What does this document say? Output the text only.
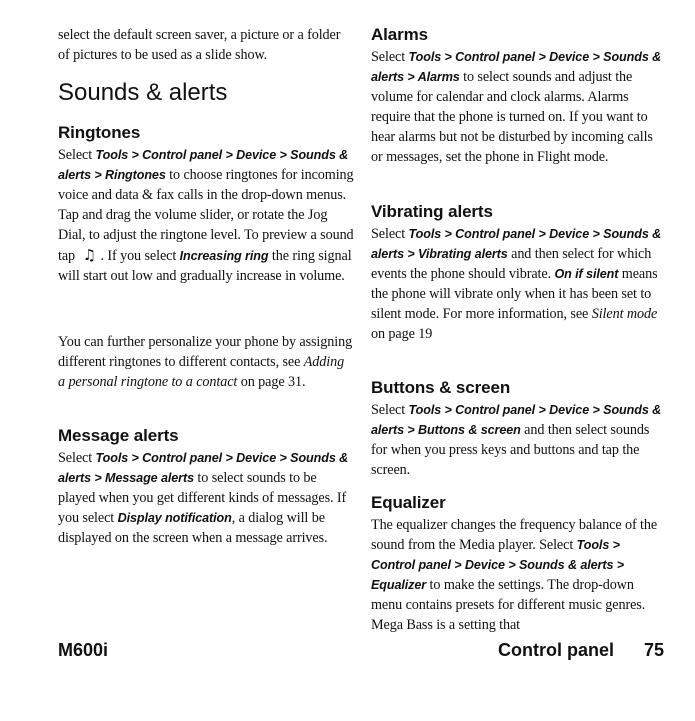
select the default screen saver, a picture or a folder of pictures to be used as a slide show.

Sounds & alerts
Ringtones

Select Tools > Control panel > Device > Sounds & alerts > Ringtones to choose ringtones for incoming voice and data & fax calls in the drop-down menus. Tap and drag the volume slider, or rotate the Jog Dial, to adjust the ringtone level. To preview a sound tap ♫ . If you select Increasing ring the ring signal will start out low and gradually increase in volume.

You can further personalize your phone by assigning different ringtones to different contacts, see Adding a personal ringtone to a contact on page 31.

Message alerts

Select Tools > Control panel > Device > Sounds & alerts > Message alerts to select sounds to be played when you get different kinds of messages. If you select Display notification, a dialog will be displayed on the screen when a message arrives.

Alarms

Select Tools > Control panel > Device > Sounds & alerts > Alarms to select sounds and adjust the volume for calendar and clock alarms. Alarms require that the phone is turned on. If you want to hear alarms but not be disturbed by incoming calls or messages, set the phone in Flight mode.

Vibrating alerts

Select Tools > Control panel > Device > Sounds & alerts > Vibrating alerts and then select for which events the phone should vibrate. On if silent means the phone will vibrate only when it has been set to silent mode. For more information, see Silent mode on page 19

Buttons & screen

Select Tools > Control panel > Device > Sounds & alerts > Buttons & screen and then select sounds for when you press keys and buttons and tap the screen.

Equalizer

The equalizer changes the frequency balance of the sound from the Media player. Select Tools > Control panel > Device > Sounds & alerts > Equalizer to make the settings. The drop-down menu contains presets for different music genres. Mega Bass is a setting that

M600i	Control panel 75
